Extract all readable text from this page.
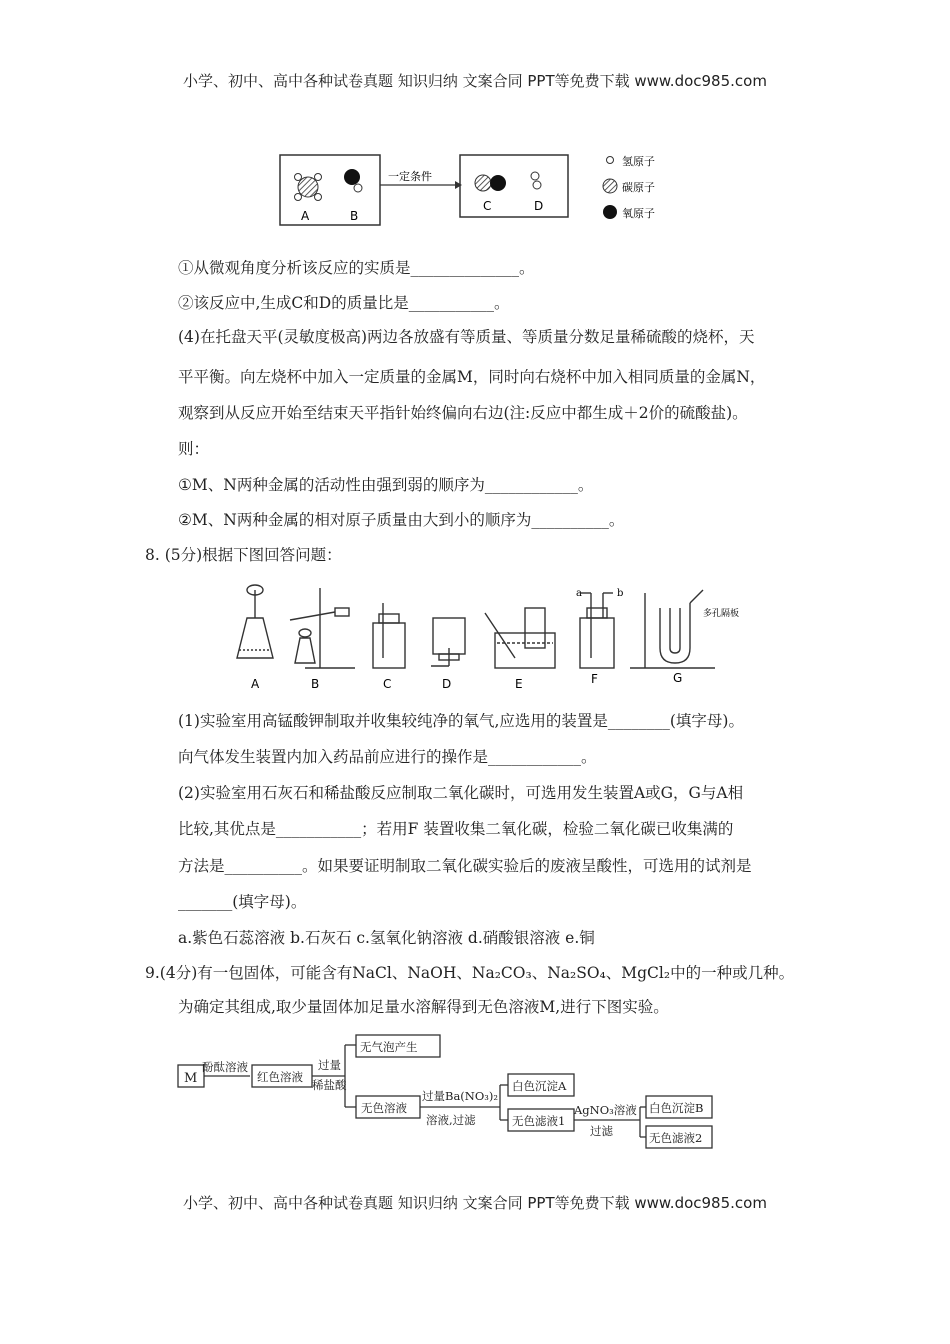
小学、初中、高中各种试卷真题 知识归纳 文案合同 PPT等免费下载 www.doc985.com
A	B
一定条件
C	D
氢原子
碳原子
氧原子
①从微观角度分析该反应的实质是______________。
②该反应中,生成C和D的质量比是___________。
(4)在托盘天平(灵敏度极高)两边各放盛有等质量、等质量分数足量稀硫酸的烧杯，天
平平衡。向左烧杯中加入一定质量的金属M，同时向右烧杯中加入相同质量的金属N，
观察到从反应开始至结束天平指针始终偏向右边(注:反应中都生成＋2价的硫酸盐)。
则：
①M、N两种金属的活动性由强到弱的顺序为____________。
②M、N两种金属的相对原子质量由大到小的顺序为__________。
8. (5分)根据下图回答问题：
a	b
多孔隔板
A	B	C	D	E	F	G
(1)实验室用高锰酸钾制取并收集较纯净的氧气,应选用的装置是________(填字母)。
向气体发生装置内加入药品前应进行的操作是____________。
(2)实验室用石灰石和稀盐酸反应制取二氧化碳时，可选用发生装置A或G，G与A相
比较,其优点是___________；若用F 装置收集二氧化碳，检验二氧化碳已收集满的
方法是__________。如果要证明制取二氧化碳实验后的废液呈酸性，可选用的试剂是
_______(填字母)。
a.紫色石蕊溶液 b.石灰石 c.氢氧化钠溶液 d.硝酸银溶液 e.铜
9.(4分)有一包固体，可能含有NaCl、NaOH、Na₂CO₃、Na₂SO₄、MgCl₂中的一种或几种。
为确定其组成,取少量固体加足量水溶解得到无色溶液M,进行下图实验。
M
酚酞溶液
红色溶液
过量
稀盐酸
无气泡产生
无色溶液
过量Ba(NO₃)₂
溶液,过滤
白色沉淀A
无色滤液1
AgNO₃溶液
过滤
白色沉淀B
无色滤液2
小学、初中、高中各种试卷真题 知识归纳 文案合同 PPT等免费下载 www.doc985.com
